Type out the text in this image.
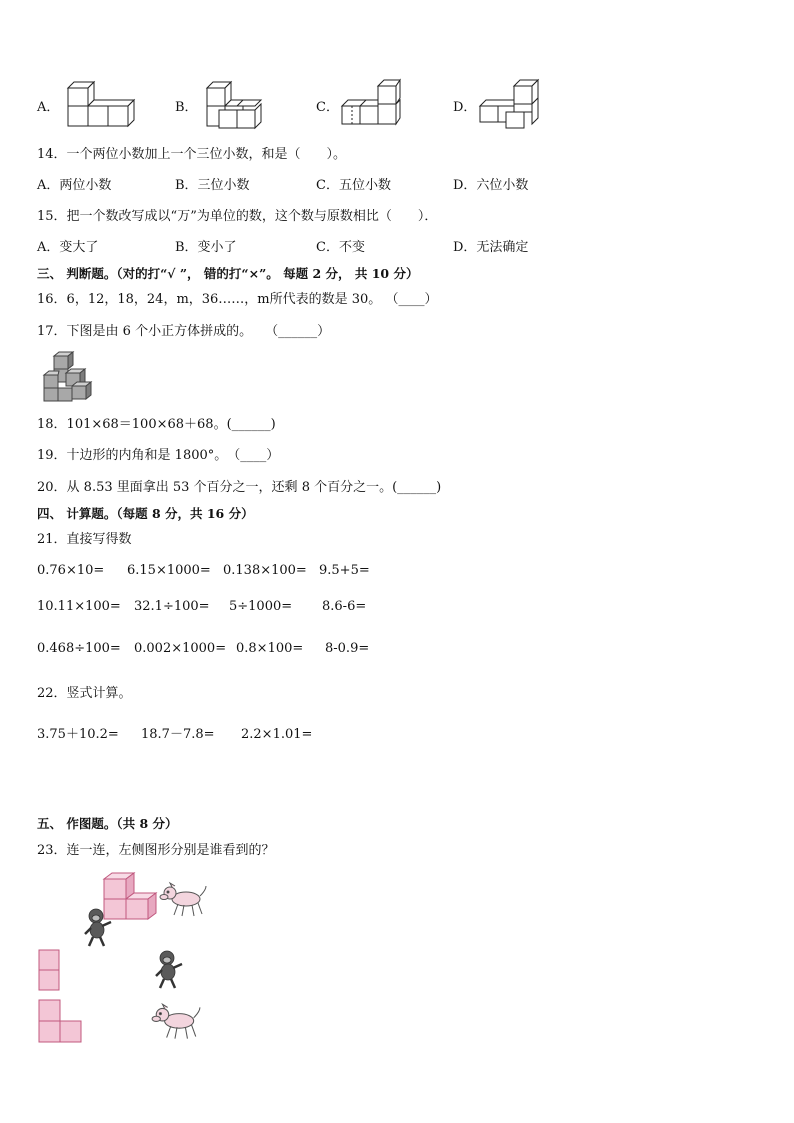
A．	B．	C．	D．
14．一个两位小数加上一个三位小数，和是（　　）。
A．两位小数	B．三位小数	C．五位小数	D．六位小数
15．把一个数改写成以“万”为单位的数，这个数与原数相比（　　）．
A．变大了	B．变小了	C．不变	D．无法确定
三、 判断题。（对的打“√ ”， 错的打“×”。 每题 2 分， 共 10 分）
16．6，12，18，24，m，36……，m所代表的数是 30。 （____）
17．下图是由 6 个小正方体拼成的。　　（______）
18．101×68＝100×68＋68。(______)
19．十边形的内角和是 1800°。　（____）
20．从 8.53 里面拿出 53 个百分之一，还剩 8 个百分之一。(______)
四、 计算题。（每题 8 分，共 16 分）
21．直接写得数
0.76×10= 6.15×1000= 0.138×100= 9.5+5=
10.11×100= 32.1÷100= 5÷1000= 8.6-6=
0.468÷100= 0.002×1000= 0.8×100= 8-0.9=
22．竖式计算。
3.75＋10.2= 18.7－7.8= 2.2×1.01=
五、 作图题。（共 8 分）
23．连一连，左侧图形分别是谁看到的？
